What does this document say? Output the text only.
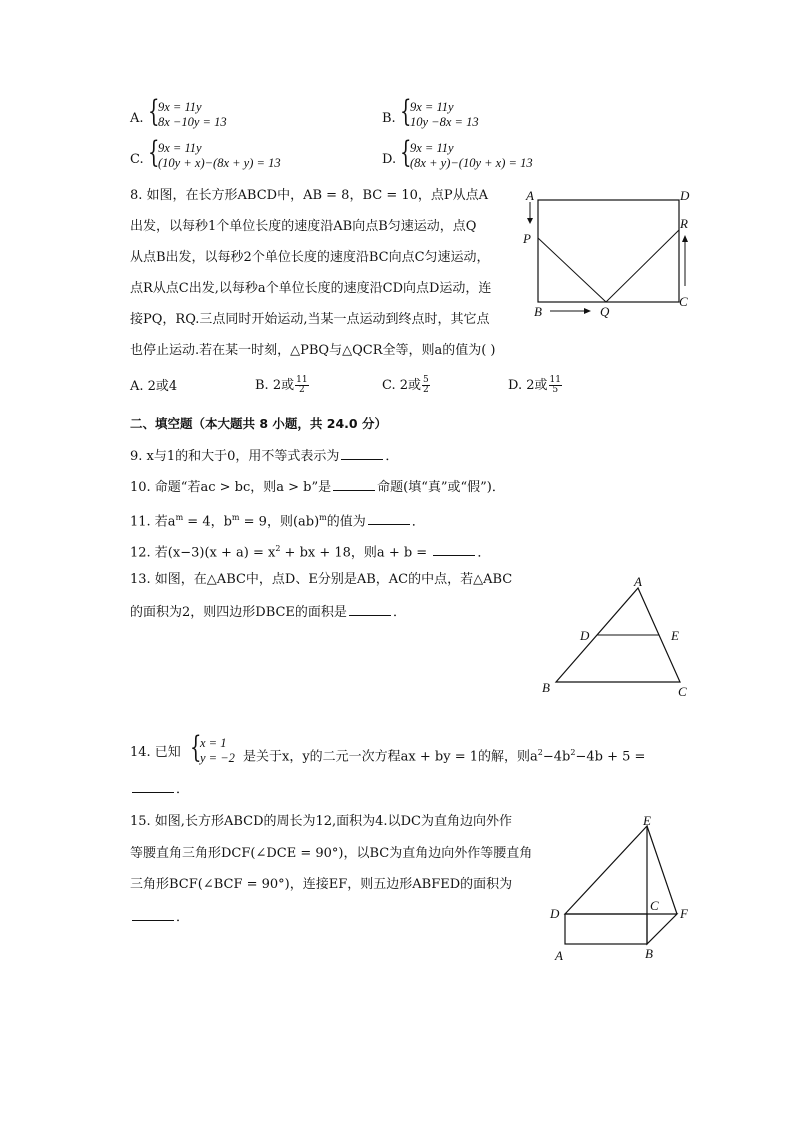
A. {
9x = 11y
8x −10y = 13	B. {
9x = 11y
10y −8x = 13
C. {
9x = 11y
(10y + x)−(8x + y) = 13	D. {
9x = 11y
(8x + y)−(10y + x) = 13
8. 如图，在长方形ABCD中，AB = 8，BC = 10，点P从点A
出发，以每秒1个单位长度的速度沿AB向点B匀速运动，点Q
从点B出发，以每秒2个单位长度的速度沿BC向点C匀速运动，
点R从点C出发,以每秒a个单位长度的速度沿CD向点D运动，连
接PQ，RQ.三点同时开始运动,当某一点运动到终点时，其它点
也停止运动.若在某一时刻，△PBQ与△QCR全等，则a的值为( )
A. 2或4	B. 2或 $\frac{11}{2}$	C. 2或 $\frac{5}{2}$	D. 2或 $\frac{11}{5}$
A	D
P
R
C
B	Q
二、填空题（本大题共 8 小题，共 24.0 分）
9. x与1的和大于0，用不等式表示为	．
10. 命题“若ac > bc，则a > b”是	命题(填“真”或“假”)．
11. 若$a^m = 4$，$b^m = 9$，则(ab)$^m$的值为	．
12. 若$(x-3)(x + a) = x^2$ + bx + 18，则a + b =	．
13. 如图，在△ABC中，点D、E分别是AB，AC的中点，若△ABC
的面积为2，则四边形DBCE的面积是	．
A
D	E
B	C
14. 已知 {
x = 1
y = −2 是关于x，y的二元一次方程ax + by = 1的解，则$a^2-4b^2-4b + 5$ =
．
15. 如图,长方形ABCD的周长为12,面积为4.以DC为直角边向外作
等腰直角三角形DCF(∠DCE = 90°)，以BC为直角边向外作等腰直角
三角形BCF(∠BCF = 90°)，连接EF，则五边形ABFED的面积为
．
E
D
C
F
A	B
